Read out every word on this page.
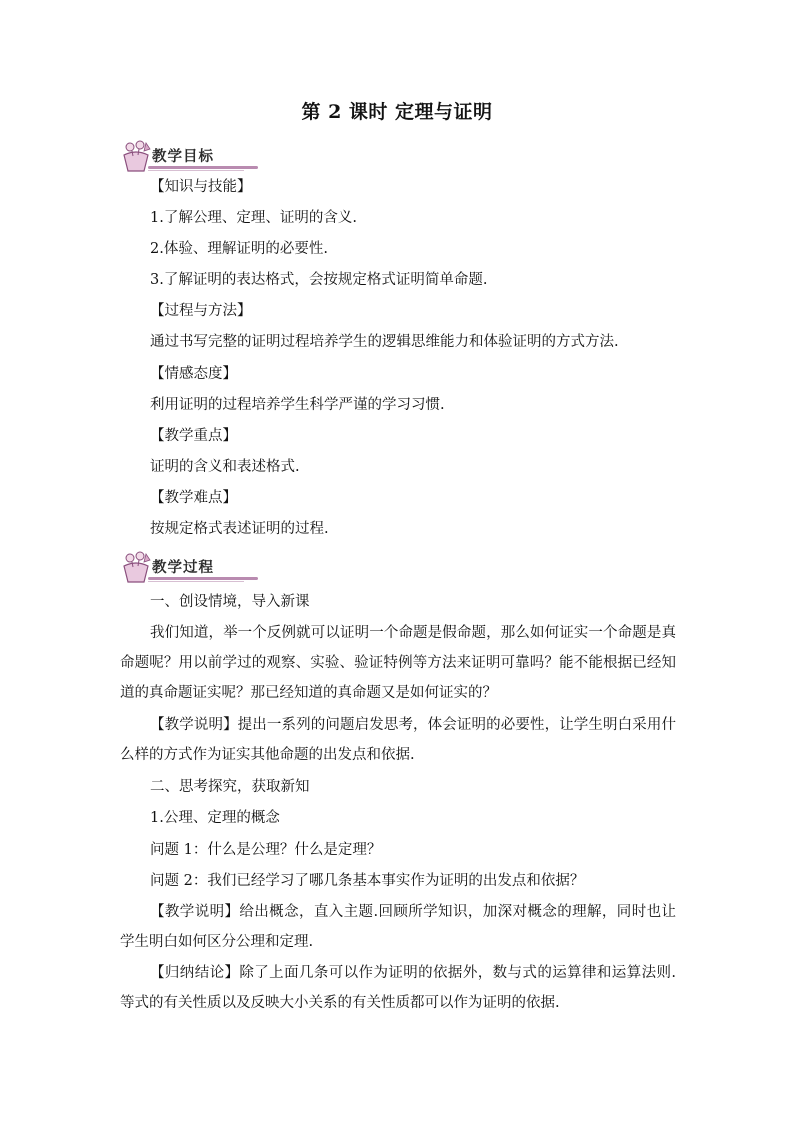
第 2 课时 定理与证明
教学目标
【知识与技能】
1.了解公理、定理、证明的含义.
2.体验、理解证明的必要性.
3.了解证明的表达格式，会按规定格式证明简单命题.
【过程与方法】
通过书写完整的证明过程培养学生的逻辑思维能力和体验证明的方式方法.
【情感态度】
利用证明的过程培养学生科学严谨的学习习惯.
【教学重点】
证明的含义和表述格式.
【教学难点】
按规定格式表述证明的过程.
教学过程
一、创设情境，导入新课
我们知道，举一个反例就可以证明一个命题是假命题，那么如何证实一个命题是真命题呢？用以前学过的观察、实验、验证特例等方法来证明可靠吗？能不能根据已经知道的真命题证实呢？那已经知道的真命题又是如何证实的？
【教学说明】提出一系列的问题启发思考，体会证明的必要性，让学生明白采用什么样的方式作为证实其他命题的出发点和依据.
二、思考探究，获取新知
1.公理、定理的概念
问题 1：什么是公理？什么是定理？
问题 2：我们已经学习了哪几条基本事实作为证明的出发点和依据？
【教学说明】给出概念，直入主题.回顾所学知识，加深对概念的理解，同时也让学生明白如何区分公理和定理.
【归纳结论】除了上面几条可以作为证明的依据外，数与式的运算律和运算法则.等式的有关性质以及反映大小关系的有关性质都可以作为证明的依据.
